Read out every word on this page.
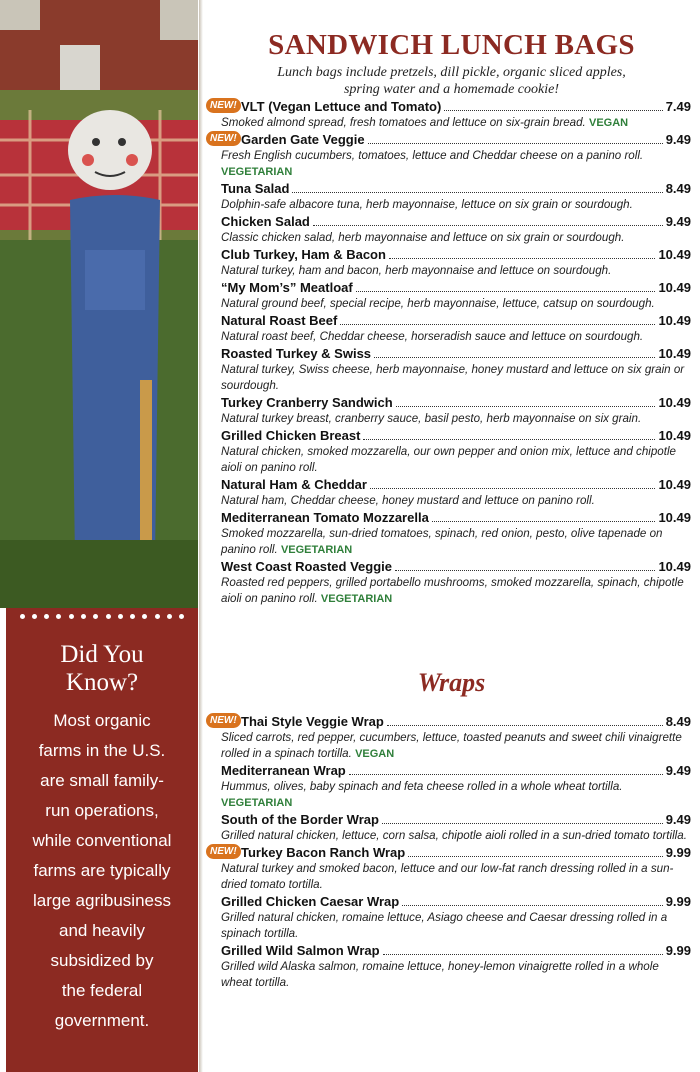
Did You
Know?
Most organic
farms in the U.S.
are small family-
run operations,
while conventional
farms are typically
large agribusiness
and heavily
subsidized by
the federal
government.
SANDWICH LUNCH BAGS
Lunch bags include pretzels, dill pickle, organic sliced apples,
spring water and a homemade cookie!
NEW! VLT (Vegan Lettuce and Tomato)	7.49
Smoked almond spread, fresh tomatoes and lettuce on six-grain bread. VEGAN
NEW! Garden Gate Veggie	9.49
Fresh English cucumbers, tomatoes, lettuce and Cheddar cheese on a panino roll. VEGETARIAN
Tuna Salad	8.49
Dolphin-safe albacore tuna, herb mayonnaise, lettuce on six grain or sourdough.
Chicken Salad	9.49
Classic chicken salad, herb mayonnaise and lettuce on six grain or sourdough.
Club Turkey, Ham & Bacon	10.49
Natural turkey, ham and bacon, herb mayonnaise and lettuce on sourdough.
“My Mom’s” Meatloaf	10.49
Natural ground beef, special recipe, herb mayonnaise, lettuce, catsup on sourdough.
Natural Roast Beef	10.49
Natural roast beef, Cheddar cheese, horseradish sauce and lettuce on sourdough.
Roasted Turkey & Swiss	10.49
Natural turkey, Swiss cheese, herb mayonnaise, honey mustard and lettuce on six grain or sourdough.
Turkey Cranberry Sandwich	10.49
Natural turkey breast, cranberry sauce, basil pesto, herb mayonnaise on six grain.
Grilled Chicken Breast	10.49
Natural chicken, smoked mozzarella, our own pepper and onion mix, lettuce and chipotle aioli on panino roll.
Natural Ham & Cheddar	10.49
Natural ham, Cheddar cheese, honey mustard and lettuce on panino roll.
Mediterranean Tomato Mozzarella	10.49
Smoked mozzarella, sun-dried tomatoes, spinach, red onion, pesto, olive tapenade on panino roll. VEGETARIAN
West Coast Roasted Veggie	10.49
Roasted red peppers, grilled portabello mushrooms, smoked mozzarella, spinach, chipotle aioli on panino roll. VEGETARIAN
Wraps
NEW! Thai Style Veggie Wrap	8.49
Sliced carrots, red pepper, cucumbers, lettuce, toasted peanuts and sweet chili vinaigrette rolled in a spinach tortilla. VEGAN
Mediterranean Wrap	9.49
Hummus, olives, baby spinach and feta cheese rolled in a whole wheat tortilla. VEGETARIAN
South of the Border Wrap	9.49
Grilled natural chicken, lettuce, corn salsa, chipotle aioli rolled in a sun-dried tomato tortilla.
NEW! Turkey Bacon Ranch Wrap	9.99
Natural turkey and smoked bacon, lettuce and our low-fat ranch dressing rolled in a sun-dried tomato tortilla.
Grilled Chicken Caesar Wrap	9.99
Grilled natural chicken, romaine lettuce, Asiago cheese and Caesar dressing rolled in a spinach tortilla.
Grilled Wild Salmon Wrap	9.99
Grilled wild Alaska salmon, romaine lettuce, honey-lemon vinaigrette rolled in a whole wheat tortilla.
